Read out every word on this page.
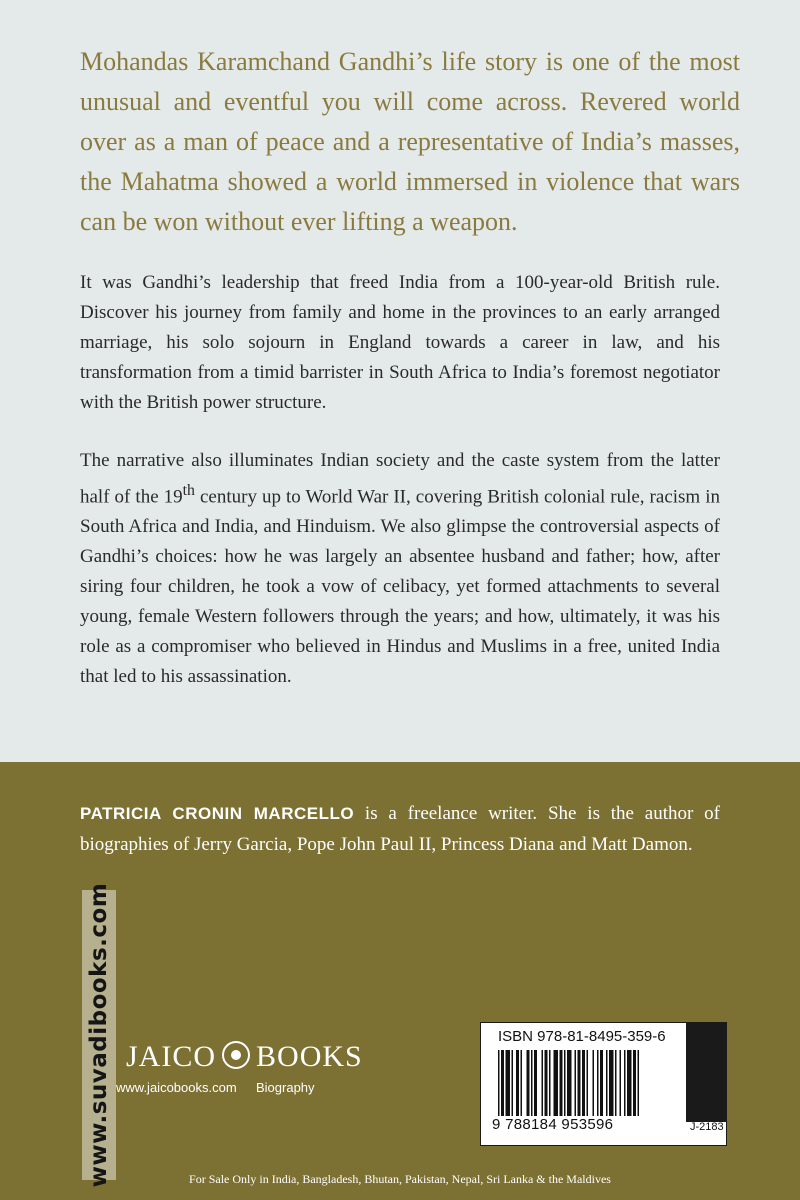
Mohandas Karamchand Gandhi’s life story is one of the most unusual and eventful you will come across. Revered world over as a man of peace and a representative of India’s masses, the Mahatma showed a world immersed in violence that wars can be won without ever lifting a weapon.

It was Gandhi’s leadership that freed India from a 100-year-old British rule. Discover his journey from family and home in the provinces to an early arranged marriage, his solo sojourn in England towards a career in law, and his transformation from a timid barrister in South Africa to India’s foremost negotiator with the British power structure.

The narrative also illuminates Indian society and the caste system from the latter half of the 19th century up to World War II, covering British colonial rule, racism in South Africa and India, and Hinduism. We also glimpse the controversial aspects of Gandhi’s choices: how he was largely an absentee husband and father; how, after siring four children, he took a vow of celibacy, yet formed attachments to several young, female Western followers through the years; and how, ultimately, it was his role as a compromiser who believed in Hindus and Muslims in a free, united India that led to his assassination.

PATRICIA CRONIN MARCELLO is a freelance writer. She is the author of biographies of Jerry Garcia, Pope John Paul II, Princess Diana and Matt Damon.

www.suvadibooks.com JAICO BOOKS
www.jaicobooks.com Biography
ISBN 978-81-8495-359-6
9 788184 953596	J-2183
For Sale Only in India, Bangladesh, Bhutan, Pakistan, Nepal, Sri Lanka & the Maldives
